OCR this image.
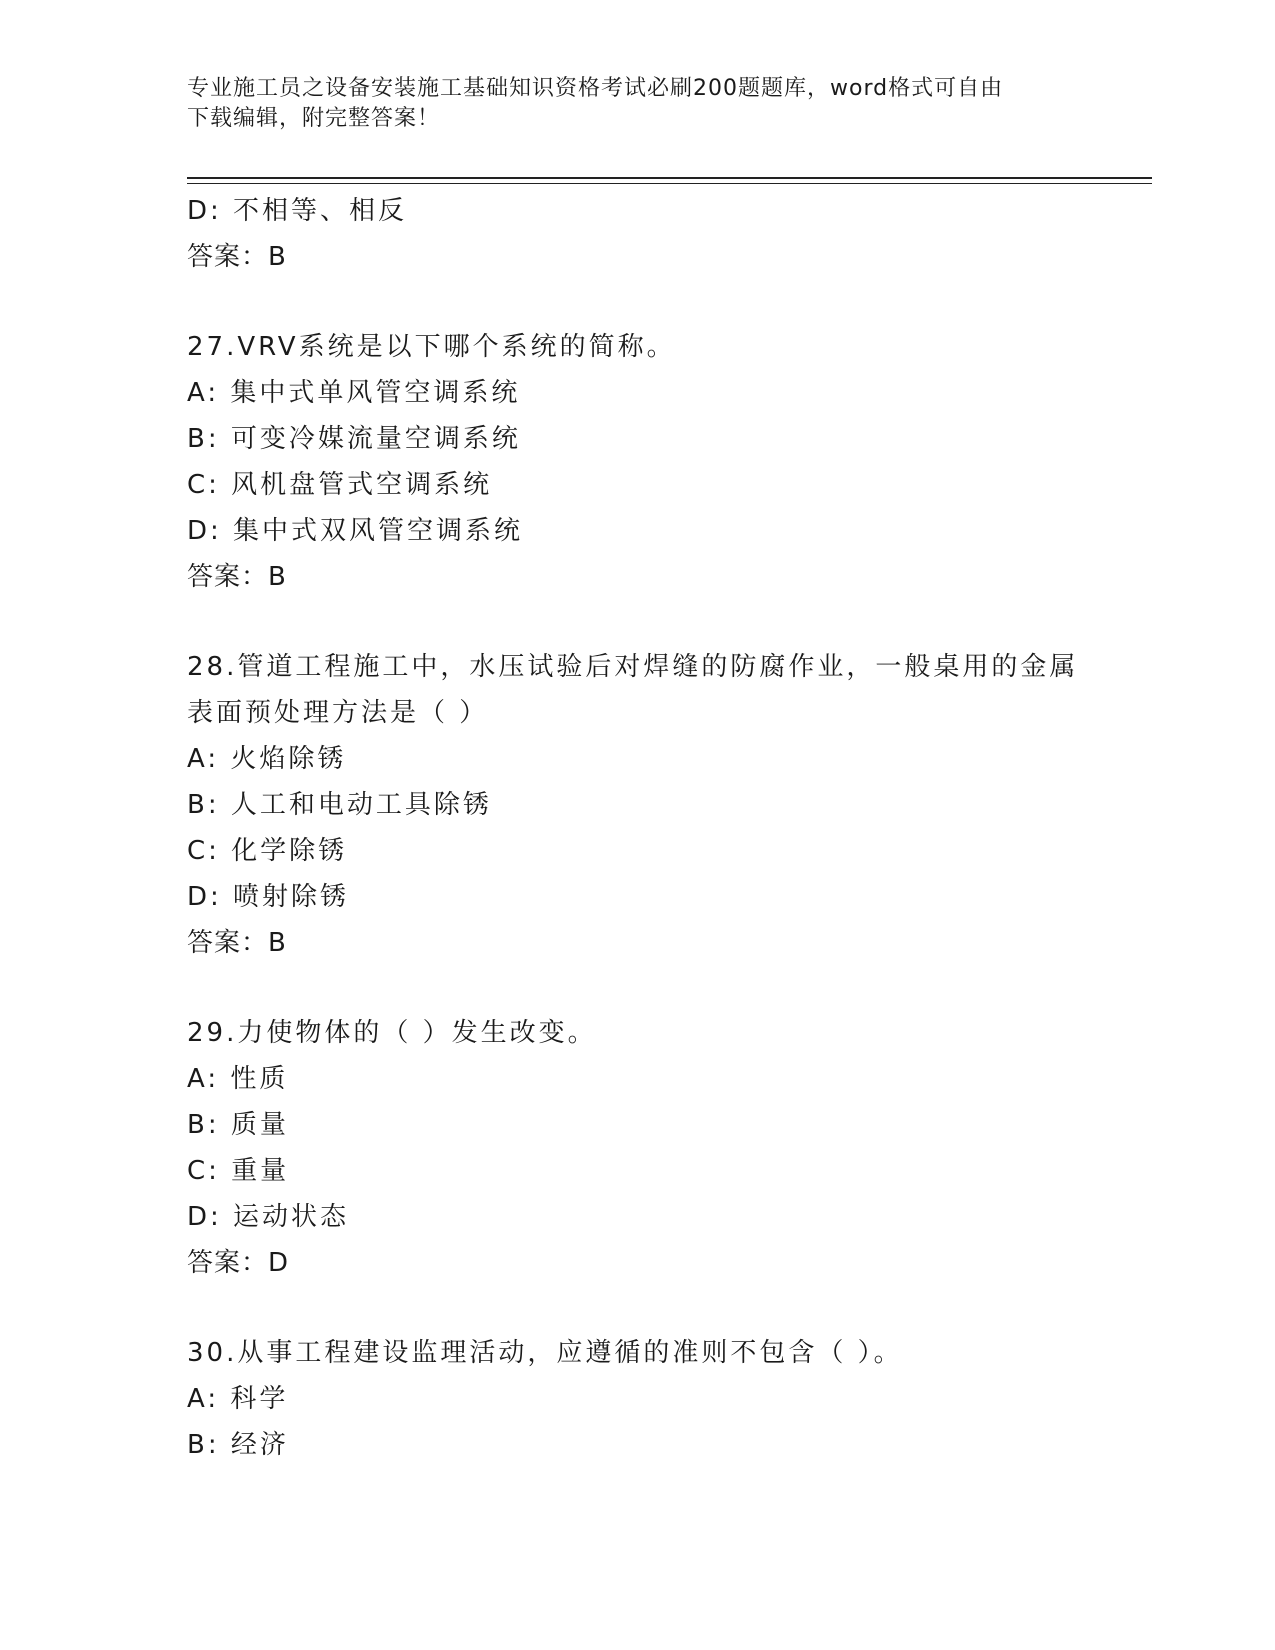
专业施工员之设备安装施工基础知识资格考试必刷200题题库，word格式可自由
下载编辑，附完整答案！
D: 不相等、相反
答案：B
27.VRV系统是以下哪个系统的简称。
A: 集中式单风管空调系统
B: 可变冷媒流量空调系统
C: 风机盘管式空调系统
D: 集中式双风管空调系统
答案：B
28.管道工程施工中，水压试验后对焊缝的防腐作业，一般桌用的金属
表面预处理方法是（ ）
A: 火焰除锈
B: 人工和电动工具除锈
C: 化学除锈
D: 喷射除锈
答案：B
29.力使物体的（ ）发生改变。
A: 性质
B: 质量
C: 重量
D: 运动状态
答案：D
30.从事工程建设监理活动，应遵循的准则不包含（ ）。
A: 科学
B: 经济
